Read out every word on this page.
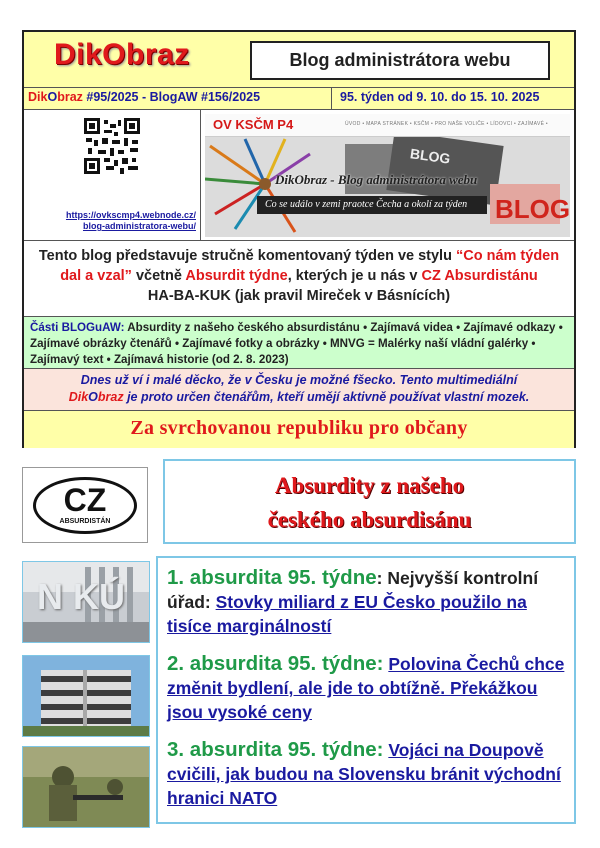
DikObraz	Blog administrátora webu
DikObraz #95/2025 - BlogAW #156/2025	95. týden od 9. 10. do 15. 10. 2025
https://ovkscmp4.webnode.cz/
blog-administratora-webu/
OV KSČM P4	ÚVOD • MAPA STRÁNEK • KSČM • PRO NAŠE VOLIČE • LÍDOVCI • ZAJÍMAVÉ •
BLOG
BLOG
DikObraz - Blog administrátora webu
Co se událo v zemi praotce Čecha a okolí za týden
Tento blog představuje stručně komentovaný týden ve stylu “Co nám týden dal a vzal” včetně Absurdit týdne, kterých je u nás v CZ Absurdistánu
HA-BA-KUK (jak pravil Mireček v Básnících)
Části BLOGuAW: Absurdity z našeho českého absurdistánu • Zajímavá videa • Zajímavé odkazy • Zajímavé obrázky čtenářů • Zajímavé fotky a obrázky • MNVG = Malérky naší vládní galérky • Zajímavý text • Zajímavá historie (od 2. 8. 2023)
Dnes už ví i malé děcko, že v Česku je možné fšecko. Tento multimediální
DikObraz je proto určen čtenářům, kteří umějí aktivně používat vlastní mozek.
Za svrchovanou republiku pro občany
CZ
ABSURDISTÁN
Absurdity z našeho
českého absurdisánu
N KÚ 1. absurdita 95. týdne: Nejvyšší kontrolní úřad: Stovky miliard z EU Česko použilo na tisíce marginálností
2. absurdita 95. týdne: Polovina Čechů chce změnit bydlení, ale jde to obtížně. Překážkou jsou vysoké ceny
3. absurdita 95. týdne: Vojáci na Doupově cvičili, jak budou na Slovensku bránit východní hranici NATO
